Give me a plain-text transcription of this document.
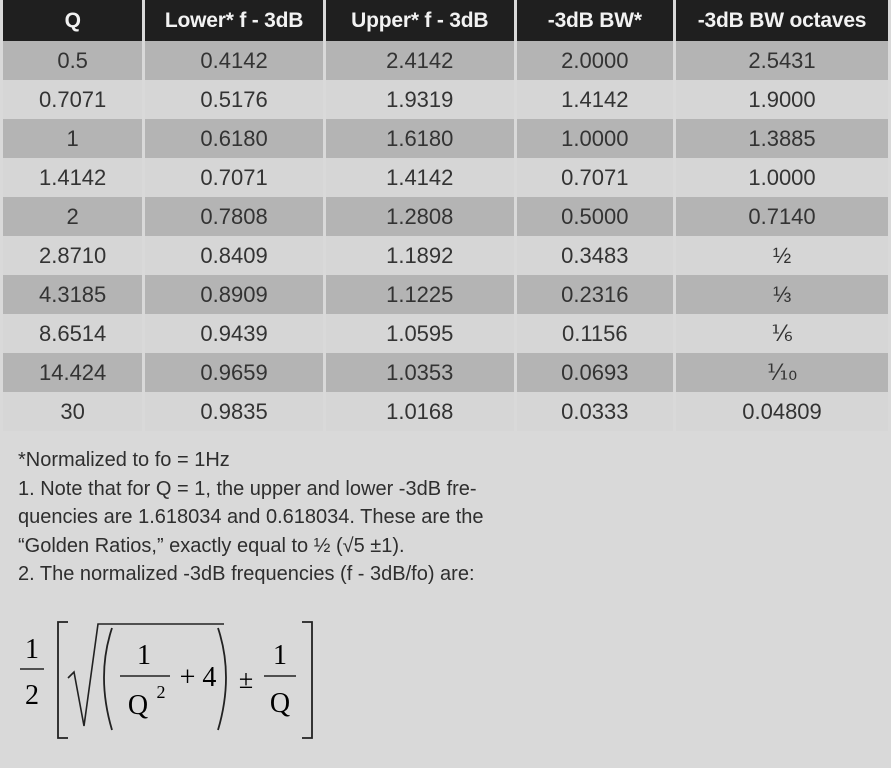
Q	Lower* f - 3dB	Upper* f - 3dB	-3dB BW*	-3dB BW octaves
0.5	0.4142	2.4142	2.0000	2.5431
0.7071	0.5176	1.9319	1.4142	1.9000
1	0.6180	1.6180	1.0000	1.3885
1.4142	0.7071	1.4142	0.7071	1.0000
2	0.7808	1.2808	0.5000	0.7140
2.8710	0.8409	1.1892	0.3483	½
4.3185	0.8909	1.1225	0.2316	⅓
8.6514	0.9439	1.0595	0.1156	⅙
14.424	0.9659	1.0353	0.0693	⅒
30	0.9835	1.0168	0.0333	0.04809

*Normalized to fo = 1Hz

1. Note that for Q = 1, the upper and lower -3dB fre-

quencies are 1.618034 and 0.618034. These are the

“Golden Ratios,” exactly equal to ½ (√5 ±1).

2. The normalized -3dB frequencies (f - 3dB/fo) are:

1
2
1
Q 2 + 4 ±
1
Q
